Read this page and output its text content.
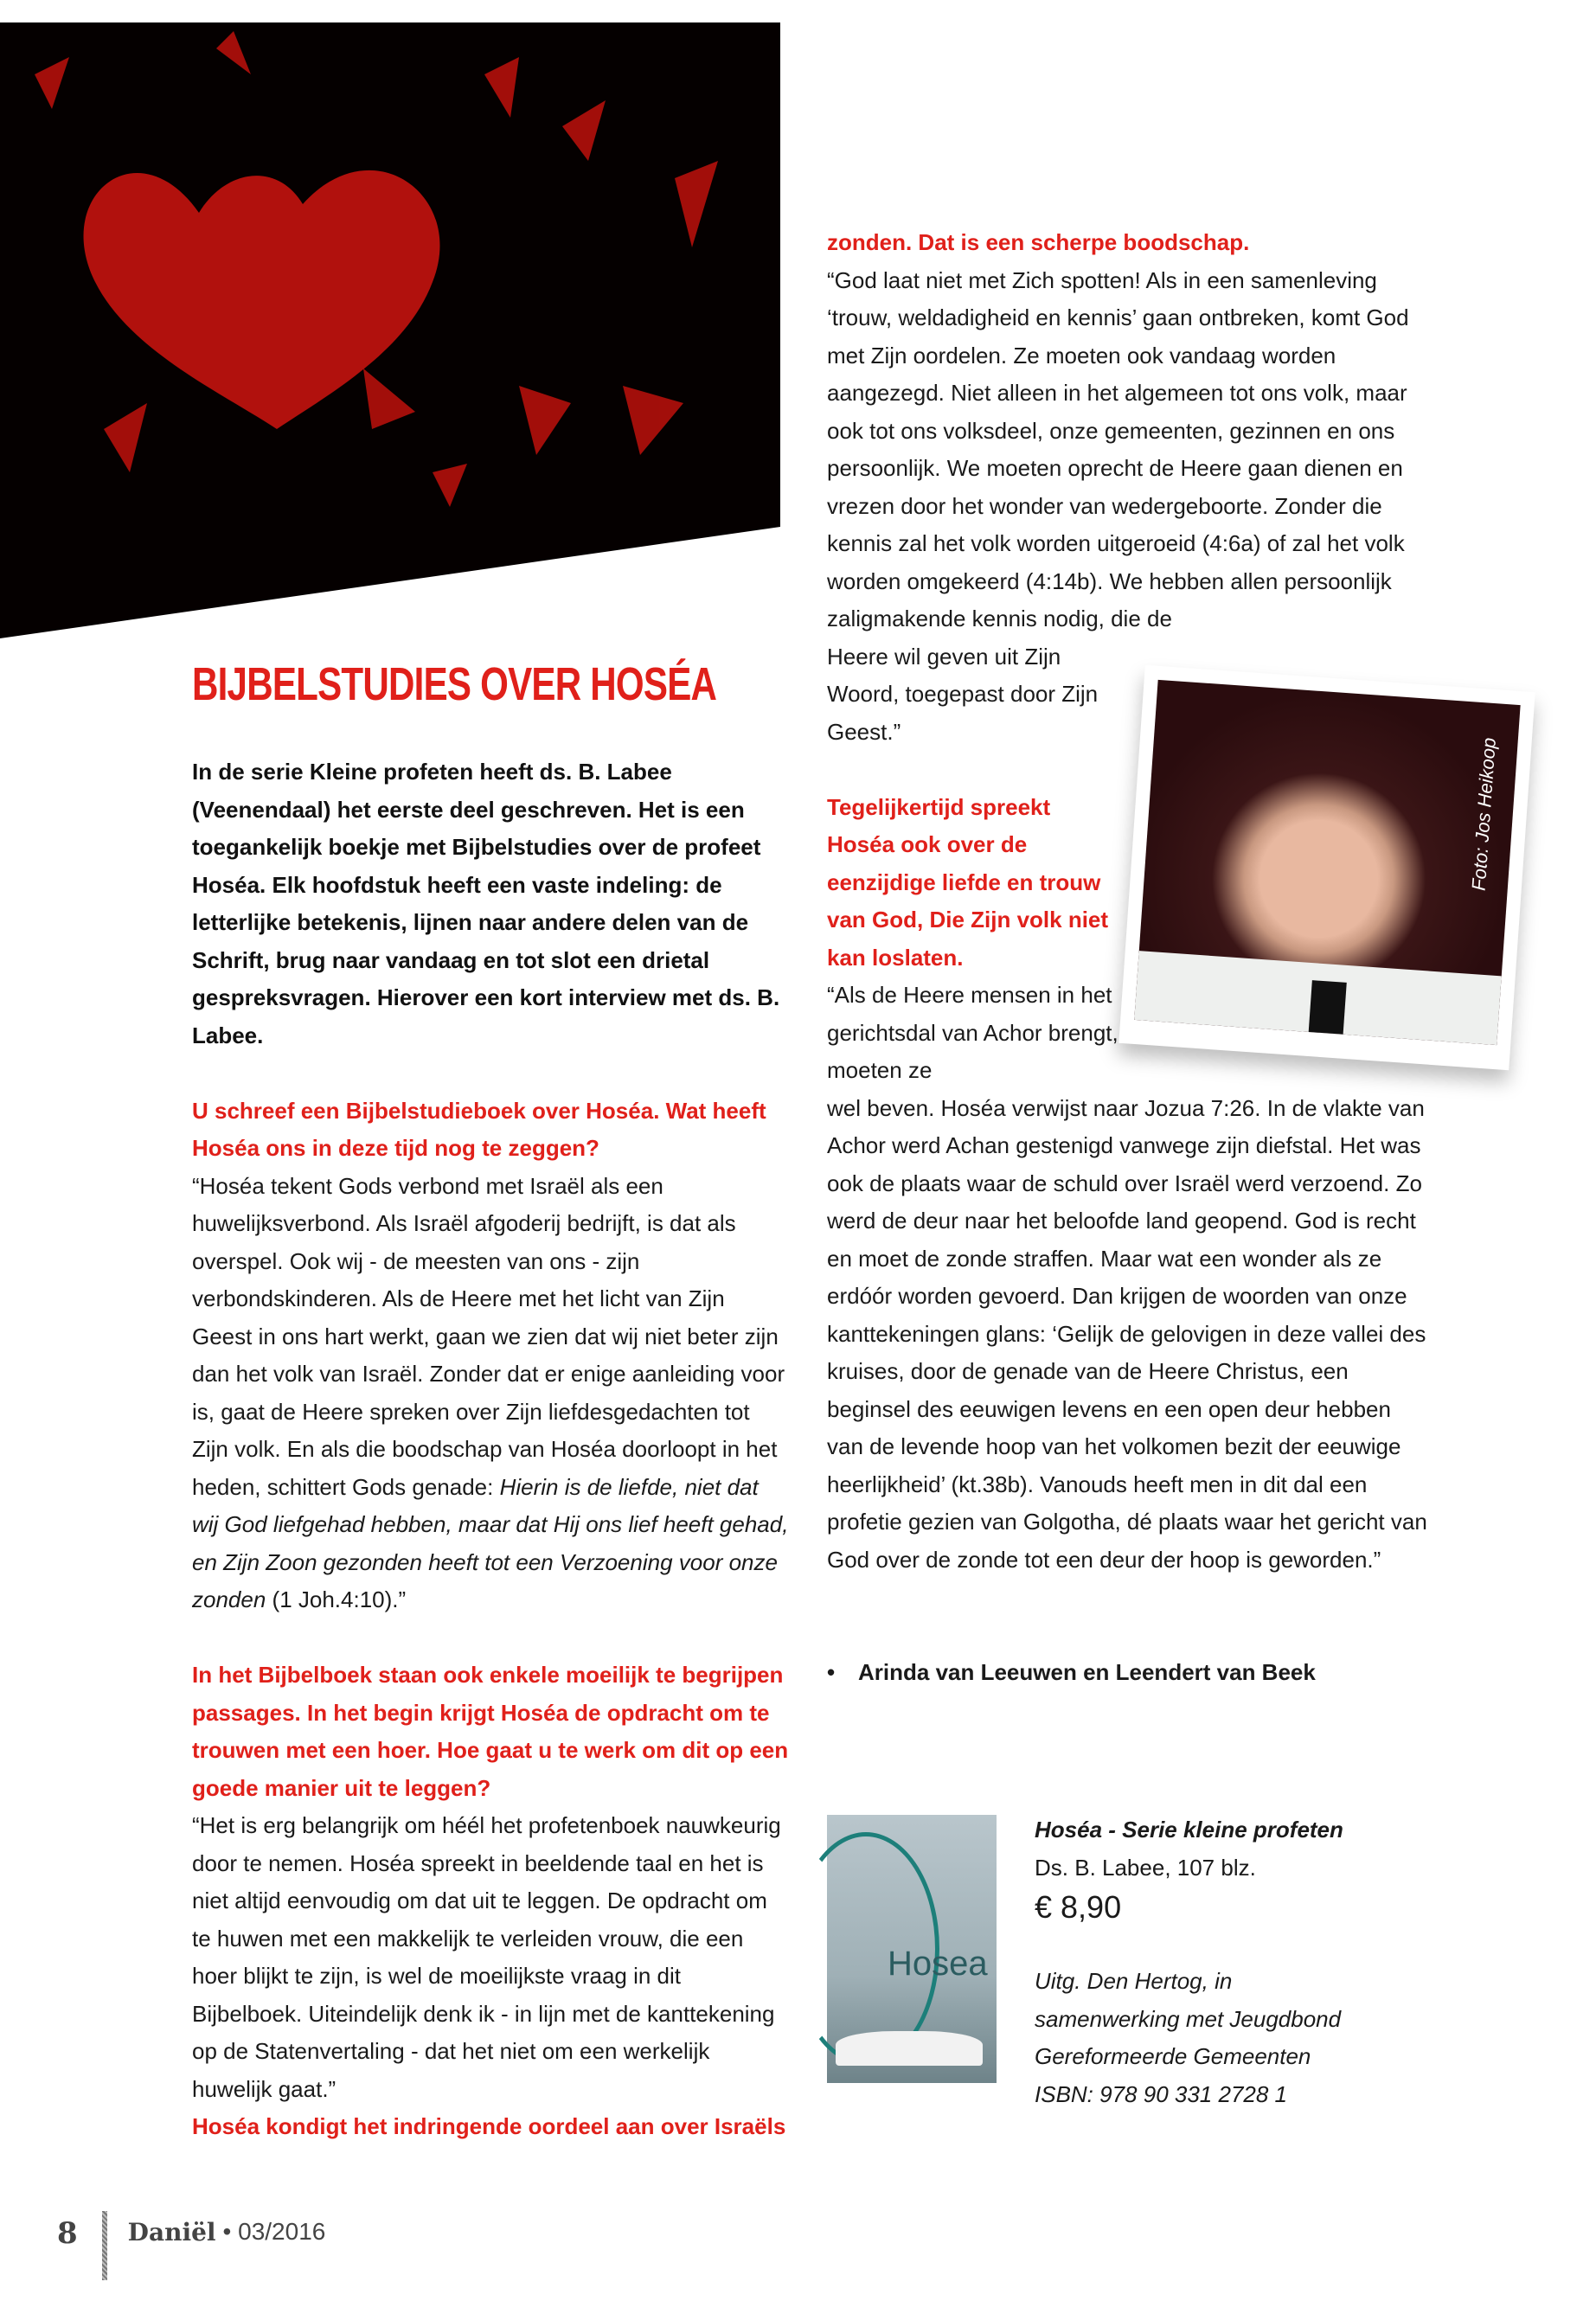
BIJBELSTUDIES OVER HOSÉA

In de serie Kleine profeten heeft ds. B. Labee (Veenendaal) het eerste deel geschreven. Het is een toegankelijk boekje met Bijbelstudies over de profeet Hoséa. Elk hoofdstuk heeft een vaste indeling: de letterlijke betekenis, lijnen naar andere delen van de Schrift, brug naar vandaag en tot slot een drietal gespreksvragen. Hierover een kort interview met ds. B. Labee.

U schreef een Bijbelstudieboek over Hoséa. Wat heeft Hoséa ons in deze tijd nog te zeggen?

“Hoséa tekent Gods verbond met Israël als een huwelijksverbond. Als Israël afgoderij bedrijft, is dat als overspel. Ook wij - de meesten van ons - zijn verbondskinderen. Als de Heere met het licht van Zijn Geest in ons hart werkt, gaan we zien dat wij niet beter zijn dan het volk van Israël. Zonder dat er enige aanleiding voor is, gaat de Heere spreken over Zijn liefdesgedachten tot Zijn volk. En als die boodschap van Hoséa doorloopt in het heden, schittert Gods genade: Hierin is de liefde, niet dat wij God liefgehad hebben, maar dat Hij ons lief heeft gehad, en Zijn Zoon gezonden heeft tot een Verzoening voor onze zonden (1 Joh.4:10).”

In het Bijbelboek staan ook enkele moeilijk te begrijpen passages. In het begin krijgt Hoséa de opdracht om te trouwen met een hoer. Hoe gaat u te werk om dit op een goede manier uit te leggen?

“Het is erg belangrijk om héél het profetenboek nauwkeurig door te nemen. Hoséa spreekt in beeldende taal en het is niet altijd eenvoudig om dat uit te leggen. De opdracht om te huwen met een makkelijk te verleiden vrouw, die een hoer blijkt te zijn, is wel de moeilijkste vraag in dit Bijbelboek. Uiteindelijk denk ik - in lijn met de kanttekening op de Statenvertaling - dat het niet om een werkelijk huwelijk gaat.”

Hoséa kondigt het indringende oordeel aan over Israëls

zonden. Dat is een scherpe boodschap.

“God laat niet met Zich spotten! Als in een samenleving ‘trouw, weldadigheid en kennis’ gaan ontbreken, komt God met Zijn oordelen. Ze moeten ook vandaag worden aangezegd. Niet alleen in het algemeen tot ons volk, maar ook tot ons volksdeel, onze gemeenten, gezinnen en ons persoonlijk. We moeten oprecht de Heere gaan dienen en vrezen door het wonder van wedergeboorte. Zonder die kennis zal het volk worden uitgeroeid (4:6a) of zal het volk worden omgekeerd (4:14b). We hebben allen persoonlijk zaligmakende kennis nodig, die de

Heere wil geven uit Zijn Woord, toegepast door Zijn Geest.”

Tegelijkertijd spreekt Hoséa ook over de eenzijdige liefde en trouw van God, Die Zijn volk niet kan loslaten.

“Als de Heere mensen in het gerichtsdal van Achor brengt, moeten ze

wel beven. Hoséa verwijst naar Jozua 7:26. In de vlakte van Achor werd Achan gestenigd vanwege zijn diefstal. Het was ook de plaats waar de schuld over Israël werd verzoend. Zo werd de deur naar het beloofde land geopend. God is recht en moet de zonde straffen. Maar wat een wonder als ze erdóór worden gevoerd. Dan krijgen de woorden van onze kanttekeningen glans: ‘Gelijk de gelovigen in deze vallei des kruises, door de genade van de Heere Christus, een beginsel des eeuwigen levens en een open deur hebben van de levende hoop van het volkomen bezit der eeuwige heerlijkheid’ (kt.38b). Vanouds heeft men in dit dal een profetie gezien van Golgotha, dé plaats waar het gericht van God over de zonde tot een deur der hoop is geworden.”

Foto: Jos Heikoop
• Arinda van Leeuwen en Leendert van Beek
Hosea
Hoséa - Serie kleine profeten
Ds. B. Labee, 107 blz.
€ 8,90
Uitg. Den Hertog, in samenwerking met Jeugdbond Gereformeerde Gemeenten
ISBN: 978 90 331 2728 1
8 Daniël • 03/2016
